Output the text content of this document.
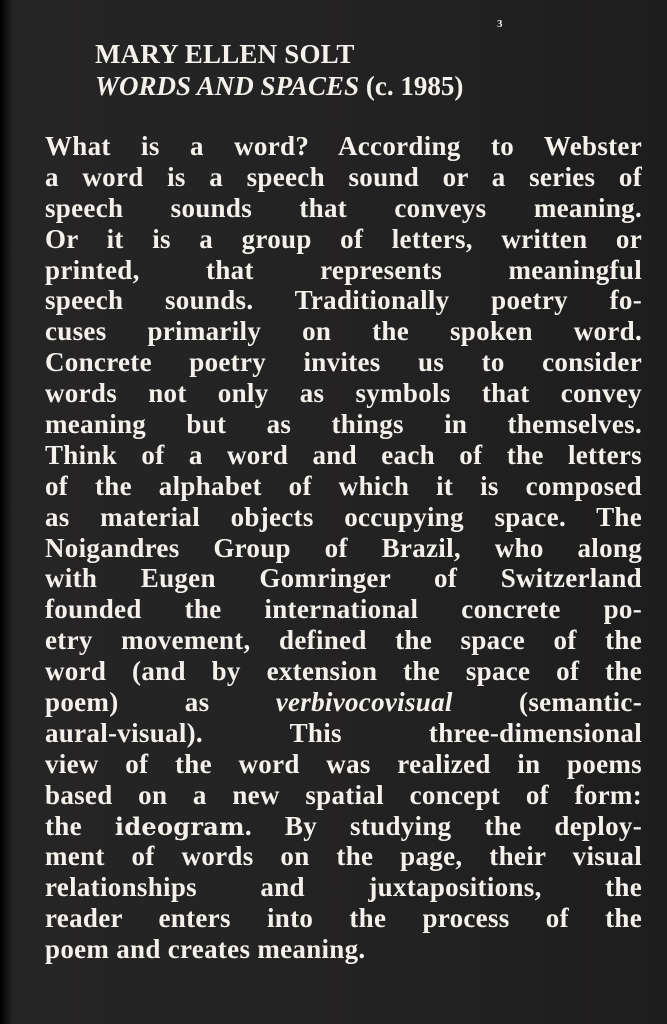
3
MARY ELLEN SOLT
WORDS AND SPACES (c. 1985)
What is a word? According to Webster
a word is a speech sound or a series of
speech sounds that conveys meaning.
Or it is a group of letters, written or
printed, that represents meaningful
speech sounds. Traditionally poetry fo-
cuses primarily on the spoken word.
Concrete poetry invites us to consider
words not only as symbols that convey
meaning but as things in themselves.
Think of a word and each of the letters
of the alphabet of which it is composed
as material objects occupying space. The
Noigandres Group of Brazil, who along
with Eugen Gomringer of Switzerland
founded the international concrete po-
etry movement, defined the space of the
word (and by extension the space of the
poem) as verbivocovisual (semantic-
aural-visual). This three-dimensional
view of the word was realized in poems
based on a new spatial concept of form:
the ideogram. By studying the deploy-
ment of words on the page, their visual
relationships and juxtapositions, the
reader enters into the process of the
poem and creates meaning.
